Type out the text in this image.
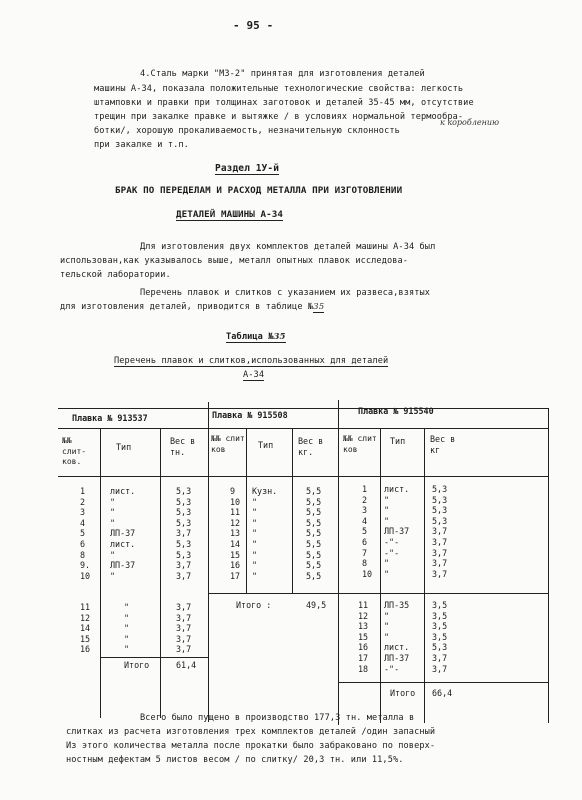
- 95 -
4.Сталь марки "МЗ-2" принятая для изготовления деталей
машины А-34, показала положительные технологические свойства: легкость
штамповки и правки при толщинах заготовок и деталей 35-45 мм, отсутствие
трещин при закалке правке и вытяжке / в условиях нормальной термообра-
ботки/, хорошую прокаливаемость, незначительную склонность
к короблению
при закалке и т.п.
Раздел 1У-й
БРАК ПО ПЕРЕДЕЛАМ И РАСХОД МЕТАЛЛА ПРИ ИЗГОТОВЛЕНИИ
ДЕТАЛЕЙ МАШИНЫ А-34
Для изготовления двух комплектов деталей машины А-34 был
использован,как указывалось выше, металл опытных плавок исследова-
тельской лаборатории.
Перечень плавок и слитков с указанием их развеса,взятых
для изготовления деталей, приводится в таблице №35
Таблица №35
Перечень плавок и слитков,использованных для деталей
А-34
Плавка № 913537	Плавка № 915508	Плавка № 915540
№№ слит-ков.
Тип
Вес в тн.
№№ слит ков	Тип	Вес в кг.
№№ слит ков
Тип	Вес в кг
1	лист.	5,3
2	"	5,3
3	"	5,3
4	"	5,3
5	ЛП-37	3,7
6	лист.	5,3
8	"	5,3
9. ЛП-37	3,7
10 "	3,7
11	"	3,7
12	"	3,7
14	"	3,7
15	"	3,7
16	"	3,7
9 Кузн.	5,5
10 "	5,5
11 "	5,5
12 "	5,5
13 "	5,5
14 "	5,5
15 "	5,5
16 "	5,5
17 "	5,5
1 лист.	5,3
2 "	5,3
3 "	5,3
4 "	5,3
5 ЛП-37	3,7
6 -"-	3,7
7 -"-	3,7
8 "	3,7
10 "	3,7
11 ЛП-35	3,5
12 "	3,5
13 "	3,5
15 "	3,5
16 лист.	5,3
17 ЛП-37	3,7
18 -"-	3,7
Итого	61,4
Итого :	49,5
Итого 66,4
Всего было пущено в производство 177,3 тн. металла в
слитках из расчета изготовления трех комплектов деталей /один запасный
Из этого количества металла после прокатки было забраковано по поверх-
ностным дефектам 5 листов весом / по слитку/ 20,3 тн. или 11,5%.
